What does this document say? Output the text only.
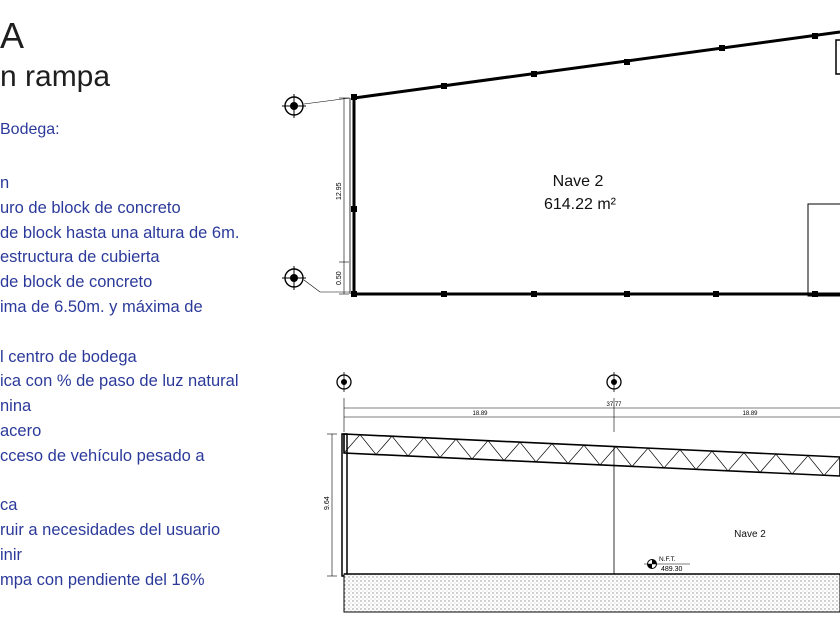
A
n rampa
Bodega:
n
uro de block de concreto
de block hasta una altura de 6m.
estructura de cubierta
de block de concreto
ima de 6.50m. y máxima de
l centro de bodega
ica con % de paso de luz natural
nina
acero
cceso de vehículo pesado a
ca
ruir a necesidades del usuario
inir
mpa con pendiente del 16%
12.95
0.50
Nave 2
614.22 m²
37.77
18.89	18.89
9.64
Nave 2
N.F.T.
489.30
